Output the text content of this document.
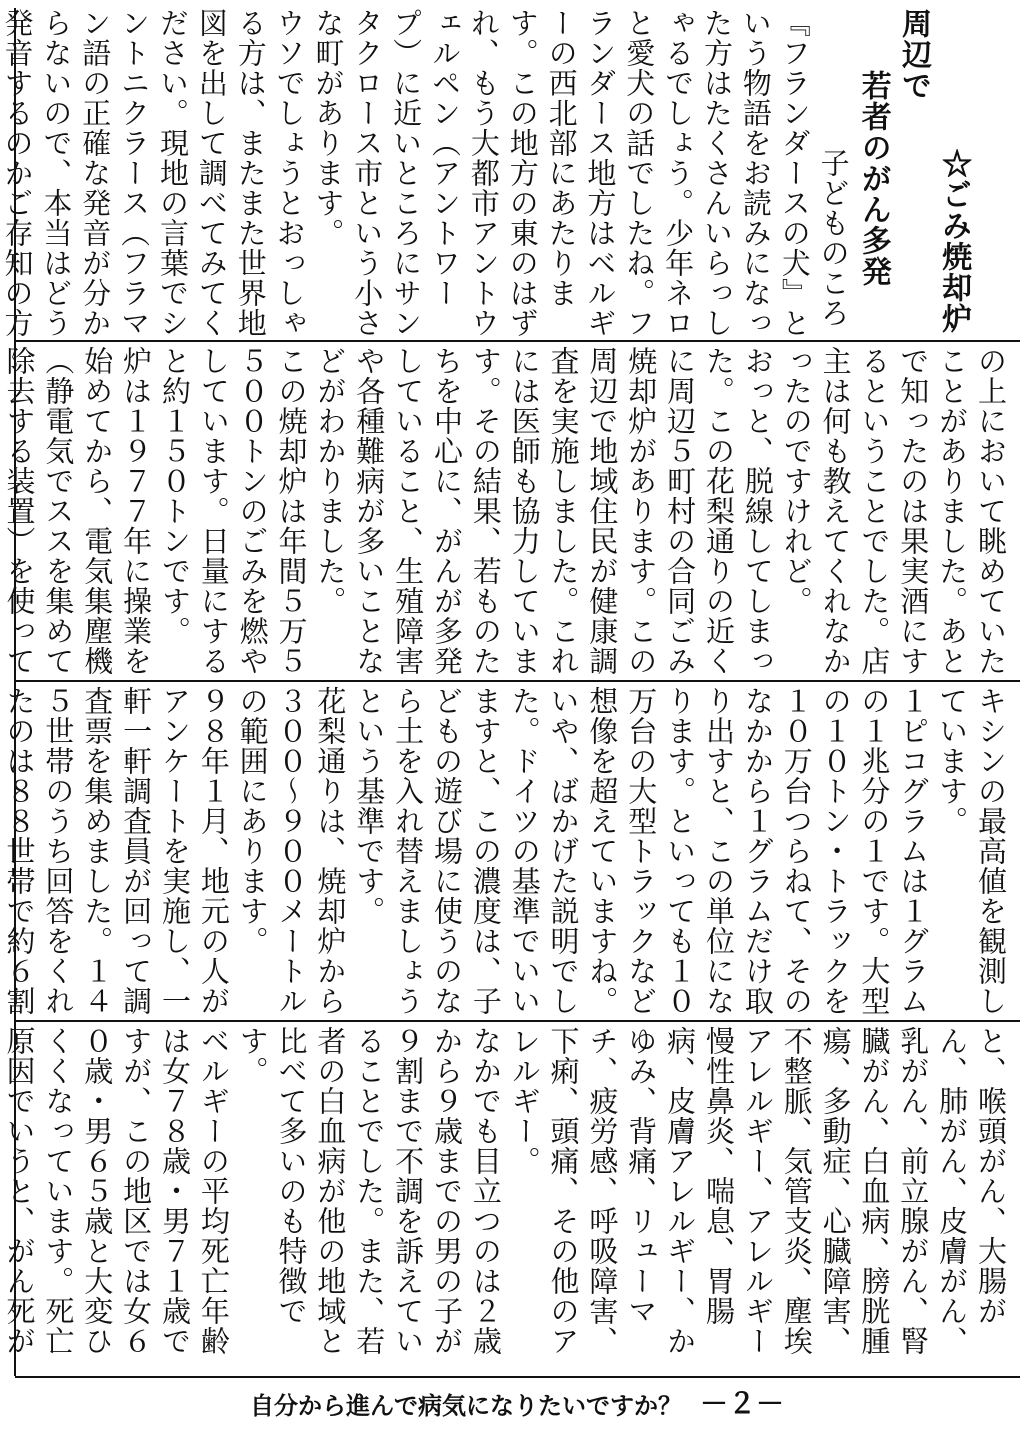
☆ごみ焼却炉周辺で
　　若者のがん多発
子どものころ『フランダースの犬』という物語をお読みになった方はたくさんいらっしゃるでしょう。少年ネロと愛犬の話でしたね。フランダース地方はベルギーの西北部にあたります。この地方の東のはずれ、もう大都市アントウェルペン（アントワープ）に近いところにサンタクロース市という小さな町があります。
ウソでしょうとおっしゃる方は、またまた世界地図を出して調べてみてください。現地の言葉でシントニクラース（フラマン語の正確な発音が分からないので、本当はどう発音するのかご存知の方

の上において眺めていたことがありました。あとで知ったのは果実酒にするということでした。店主は何も教えてくれなかったのですけれど。
おっと、脱線してしまった。この花梨通りの近くに周辺５町村の合同ごみ焼却炉があります。この周辺で地域住民が健康調査を実施しました。これには医師も協力しています。その結果、若ものたちを中心に、がんが多発していること、生殖障害や各種難病が多いことなどがわかりました。
この焼却炉は年間５万５５００トンのごみを燃やしています。日量にすると約１５０トンです。
炉は１９７７年に操業を始めてから、電気集塵機（静電気でススを集めて除去する装置）を使って

キシンの最高値を観測しています。
１ピコグラムは１グラムの１兆分の１です。大型の１０トン・トラックを１０万台つらねて、そのなかから１グラムだけ取り出すと、この単位になります。といっても１０万台の大型トラックなど想像を超えていますね。いや、ばかげた説明でした。ドイツの基準でいいますと、この濃度は、子どもの遊び場に使うのなら土を入れ替えましょうという基準です。
花梨通りは、焼却炉から３００〜９００メートルの範囲にあります。
９８年１月、地元の人がアンケートを実施し、一軒一軒調査員が回って調査票を集めました。１４５世帯のうち回答をくれたのは８８世帯で約６割

と、喉頭がん、大腸がん、肺がん、皮膚がん、乳がん、前立腺がん、腎臓がん、白血病、膀胱腫瘍、多動症、心臓障害、不整脈、気管支炎、塵埃アレルギー、アレルギー慢性鼻炎、喘息、胃腸病、皮膚アレルギー、かゆみ、背痛、リューマチ、疲労感、呼吸障害、下痢、頭痛、その他のアレルギー。
なかでも目立つのは２歳から９歳までの男の子が９割まで不調を訴えていることでした。また、若者の白血病が他の地域と比べて多いのも特徴です。
ベルギーの平均死亡年齢は女７８歳・男７１歳ですが、この地区では女６０歳・男６５歳と大変ひくくなっています。死亡原因でいうと、がん死が

自分から進んで病気になりたいですか？ －２－
